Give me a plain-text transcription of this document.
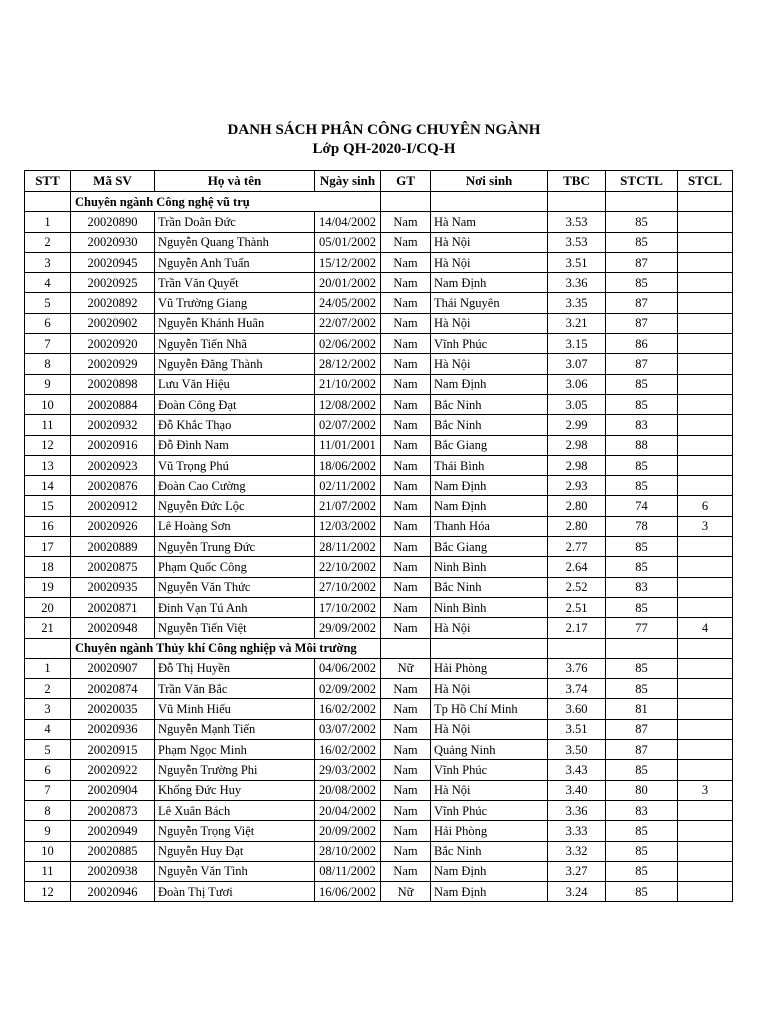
DANH SÁCH PHÂN CÔNG CHUYÊN NGÀNH
Lớp QH-2020-I/CQ-H
STT	Mã SV	Họ và tên	Ngày sinh	GT	Nơi sinh	TBC	STCTL	STCL
	Chuyên ngành Công nghệ vũ trụ							
1	20020890	Trần Doãn Đức	14/04/2002	Nam	Hà Nam	3.53	85	
2	20020930	Nguyễn Quang Thành	05/01/2002	Nam	Hà Nội	3.53	85	
3	20020945	Nguyễn Anh Tuấn	15/12/2002	Nam	Hà Nội	3.51	87	
4	20020925	Trần Văn Quyết	20/01/2002	Nam	Nam Định	3.36	85	
5	20020892	Vũ Trường Giang	24/05/2002	Nam	Thái Nguyên	3.35	87	
6	20020902	Nguyễn Khánh Huân	22/07/2002	Nam	Hà Nội	3.21	87	
7	20020920	Nguyễn Tiến Nhã	02/06/2002	Nam	Vĩnh Phúc	3.15	86	
8	20020929	Nguyễn Đăng Thành	28/12/2002	Nam	Hà Nội	3.07	87	
9	20020898	Lưu Văn Hiệu	21/10/2002	Nam	Nam Định	3.06	85	
10	20020884	Đoàn Công Đạt	12/08/2002	Nam	Bắc Ninh	3.05	85	
11	20020932	Đỗ Khắc Thạo	02/07/2002	Nam	Bắc Ninh	2.99	83	
12	20020916	Đỗ Đình Nam	11/01/2001	Nam	Bắc Giang	2.98	88	
13	20020923	Vũ Trọng Phú	18/06/2002	Nam	Thái Bình	2.98	85	
14	20020876	Đoàn Cao Cường	02/11/2002	Nam	Nam Định	2.93	85	
15	20020912	Nguyễn Đức Lộc	21/07/2002	Nam	Nam Định	2.80	74	6
16	20020926	Lê Hoàng Sơn	12/03/2002	Nam	Thanh Hóa	2.80	78	3
17	20020889	Nguyễn Trung Đức	28/11/2002	Nam	Bắc Giang	2.77	85	
18	20020875	Phạm Quốc Công	22/10/2002	Nam	Ninh Bình	2.64	85	
19	20020935	Nguyễn Văn Thức	27/10/2002	Nam	Bắc Ninh	2.52	83	
20	20020871	Đinh Vạn Tú Anh	17/10/2002	Nam	Ninh Bình	2.51	85	
21	20020948	Nguyễn Tiến Việt	29/09/2002	Nam	Hà Nội	2.17	77	4
	Chuyên ngành Thủy khí Công nghiệp và Môi trường							
1	20020907	Đỗ Thị Huyền	04/06/2002	Nữ	Hải Phòng	3.76	85	
2	20020874	Trần Văn Bắc	02/09/2002	Nam	Hà Nội	3.74	85	
3	20020035	Vũ Minh Hiếu	16/02/2002	Nam	Tp Hồ Chí Minh	3.60	81	
4	20020936	Nguyễn Mạnh Tiến	03/07/2002	Nam	Hà Nội	3.51	87	
5	20020915	Phạm Ngọc Minh	16/02/2002	Nam	Quảng Ninh	3.50	87	
6	20020922	Nguyễn Trường Phi	29/03/2002	Nam	Vĩnh Phúc	3.43	85	
7	20020904	Khổng Đức Huy	20/08/2002	Nam	Hà Nội	3.40	80	3
8	20020873	Lê Xuân Bách	20/04/2002	Nam	Vĩnh Phúc	3.36	83	
9	20020949	Nguyễn Trọng Việt	20/09/2002	Nam	Hải Phòng	3.33	85	
10	20020885	Nguyễn Huy Đạt	28/10/2002	Nam	Bắc Ninh	3.32	85	
11	20020938	Nguyễn Văn Tình	08/11/2002	Nam	Nam Định	3.27	85	
12	20020946	Đoàn Thị Tươi	16/06/2002	Nữ	Nam Định	3.24	85	
